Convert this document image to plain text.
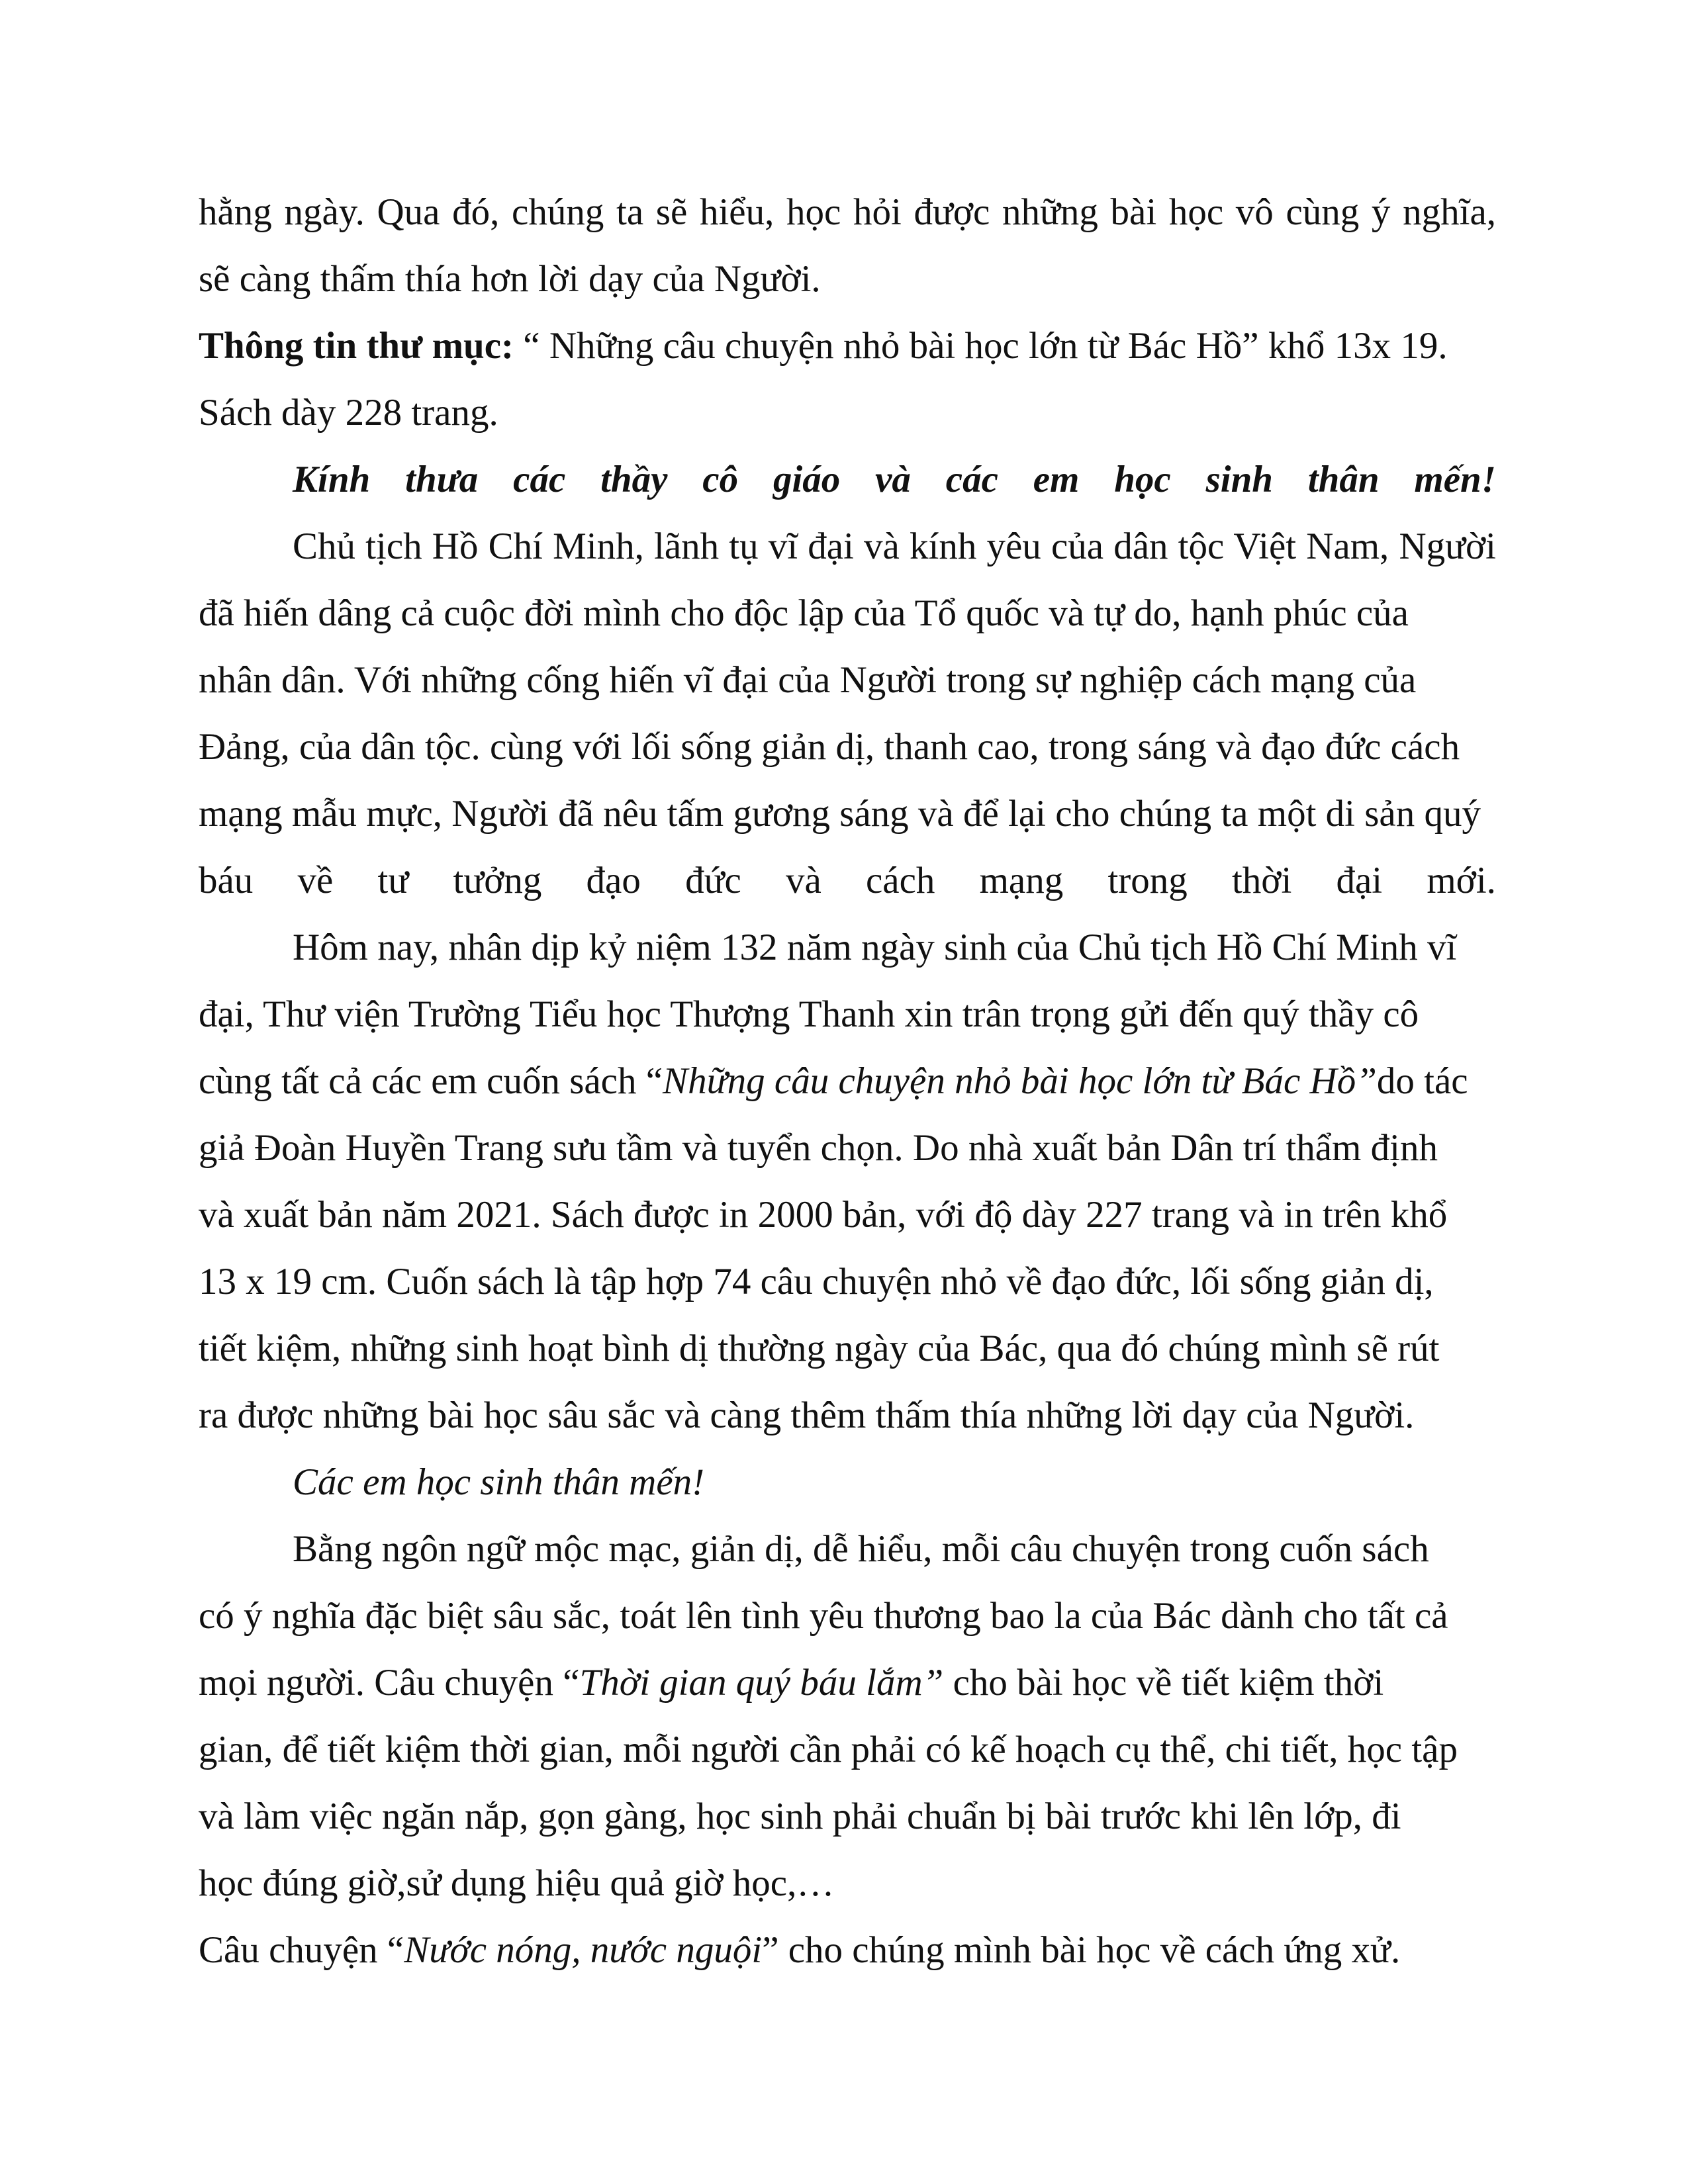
hằng ngày. Qua đó, chúng ta sẽ hiểu, học hỏi được những bài học vô cùng ý nghĩa,
sẽ càng thấm thía hơn lời dạy của Người.
Thông tin thư mục: “ Những câu chuyện nhỏ bài học lớn từ Bác Hồ” khổ 13x 19.
Sách dày 228 trang.
Kính thưa các thầy cô giáo và các em học sinh thân mến!
Chủ tịch Hồ Chí Minh, lãnh tụ vĩ đại và kính yêu của dân tộc Việt Nam, Người
đã hiến dâng cả cuộc đời mình cho độc lập của Tổ quốc và tự do, hạnh phúc của
nhân dân. Với những cống hiến vĩ đại của Người trong sự nghiệp cách mạng của
Đảng, của dân tộc. cùng với lối sống giản dị, thanh cao, trong sáng và đạo đức cách
mạng mẫu mực, Người đã nêu tấm gương sáng và để lại cho chúng ta một di sản quý
báu về tư tưởng đạo đức và cách mạng trong thời đại mới.
Hôm nay, nhân dịp kỷ niệm 132 năm ngày sinh của Chủ tịch Hồ Chí Minh vĩ
đại, Thư viện Trường Tiểu học Thượng Thanh xin trân trọng gửi đến quý thầy cô
cùng tất cả các em cuốn sách “Những câu chuyện nhỏ bài học lớn từ Bác Hồ”do tác
giả Đoàn Huyền Trang sưu tầm và tuyển chọn. Do nhà xuất bản Dân trí thẩm định
và xuất bản năm 2021. Sách được in 2000 bản, với độ dày 227 trang và in trên khổ
13 x 19 cm. Cuốn sách là tập hợp 74 câu chuyện nhỏ về đạo đức, lối sống giản dị,
tiết kiệm, những sinh hoạt bình dị thường ngày của Bác, qua đó chúng mình sẽ rút
ra được những bài học sâu sắc và càng thêm thấm thía những lời dạy của Người.
Các em học sinh thân mến!
Bằng ngôn ngữ mộc mạc, giản dị, dễ hiểu, mỗi câu chuyện trong cuốn sách
có ý nghĩa đặc biệt sâu sắc, toát lên tình yêu thương bao la của Bác dành cho tất cả
mọi người. Câu chuyện “Thời gian quý báu lắm” cho bài học về tiết kiệm thời
gian, để tiết kiệm thời gian, mỗi người cần phải có kế hoạch cụ thể, chi tiết, học tập
và làm việc ngăn nắp, gọn gàng, học sinh phải chuẩn bị bài trước khi lên lớp, đi
học đúng giờ,sử dụng hiệu quả giờ học,…
Câu chuyện “Nước nóng, nước nguội” cho chúng mình bài học về cách ứng xử.
